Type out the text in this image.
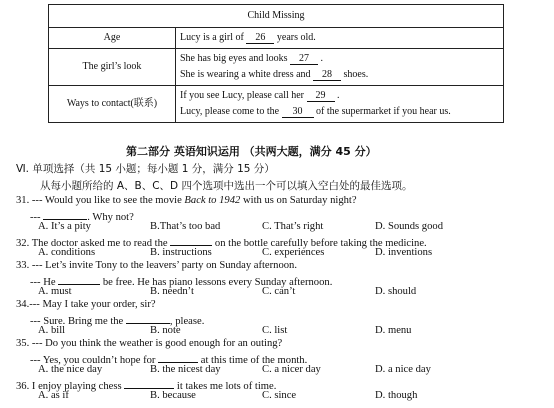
Child Missing	
Age	Lucy is a girl of 26 years old.

The girl’s look	She has big eyes and looks 27 .
She is wearing a white dress and 28 shoes.

Ways to contact(联系)	If you see Lucy, please call her 29 .
Lucy, please come to the 30 of the supermarket if you hear us.
第二部分 英语知识运用 （共两大题，满分 45 分）
Ⅵ. 单项选择（共 15 小题；每小题 1 分，满分 15 分）
从每小题所给的 A、B、C、D 四个选项中选出一个可以填入空白处的最佳选项。
31. --- Would you like to see the movie Back to 1942 with us on Saturday night?
---	. Why not?
A. It’s a pity	B.That’s too bad	C. That’s right	D. Sounds good
32. The doctor asked me to read the	on the bottle carefully before taking the medicine.
A. conditions	B. instructions	C. experiences	D. inventions
33. --- Let’s invite Tony to the leavers’ party on Sunday afternoon.
--- He	be free. He has piano lessons every Sunday afternoon.
A. must	B. needn’t	C. can’t	D. should
34.--- May I take your order, sir?
--- Sure. Bring me the	, please.
A. bill	B. note	C. list	D. menu
35. --- Do you think the weather is good enough for an outing?
--- Yes, you couldn’t hope for	at this time of the month.
A. the nice day	B. the nicest day	C. a nicer day	D. a nice day
36. I enjoy playing chess	it takes me lots of time.
A. as if	B. because	C. since	D. though
